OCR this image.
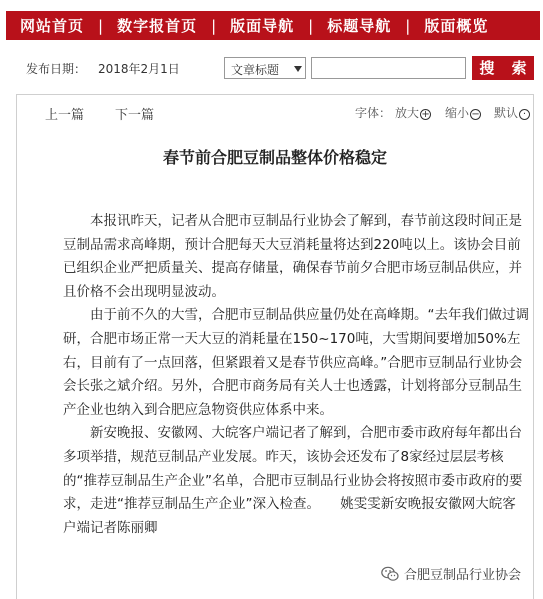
网站首页 | 数字报首页 | 版面导航 | 标题导航 | 版面概览
发布日期： 2018年2月1日	文章标题	搜 索
上一篇 下一篇	字体： 放大 + 缩小 − 默认 ·
春节前合肥豆制品整体价格稳定

本报讯昨天，记者从合肥市豆制品行业协会了解到，春节前这段时间正是豆制品需求高峰期，预计合肥每天大豆消耗量将达到220吨以上。该协会目前已组织企业严把质量关、提高存储量，确保春节前夕合肥市场豆制品供应，并且价格不会出现明显波动。

由于前不久的大雪，合肥市豆制品供应量仍处在高峰期。“去年我们做过调研，合肥市场正常一天大豆的消耗量在150~170吨，大雪期间要增加50%左右，目前有了一点回落，但紧跟着又是春节供应高峰。”合肥市豆制品行业协会会长张之斌介绍。另外，合肥市商务局有关人士也透露，计划将部分豆制品生产企业也纳入到合肥应急物资供应体系中来。

新安晚报、安徽网、大皖客户端记者了解到，合肥市委市政府每年都出台多项举措，规范豆制品产业发展。昨天，该协会还发布了8家经过层层考核的“推荐豆制品生产企业”名单，合肥市豆制品行业协会将按照市委市政府的要求，走进“推荐豆制品生产企业”深入检查。　　姚雯雯新安晚报安徽网大皖客户端记者陈丽卿

合肥豆制品行业协会
